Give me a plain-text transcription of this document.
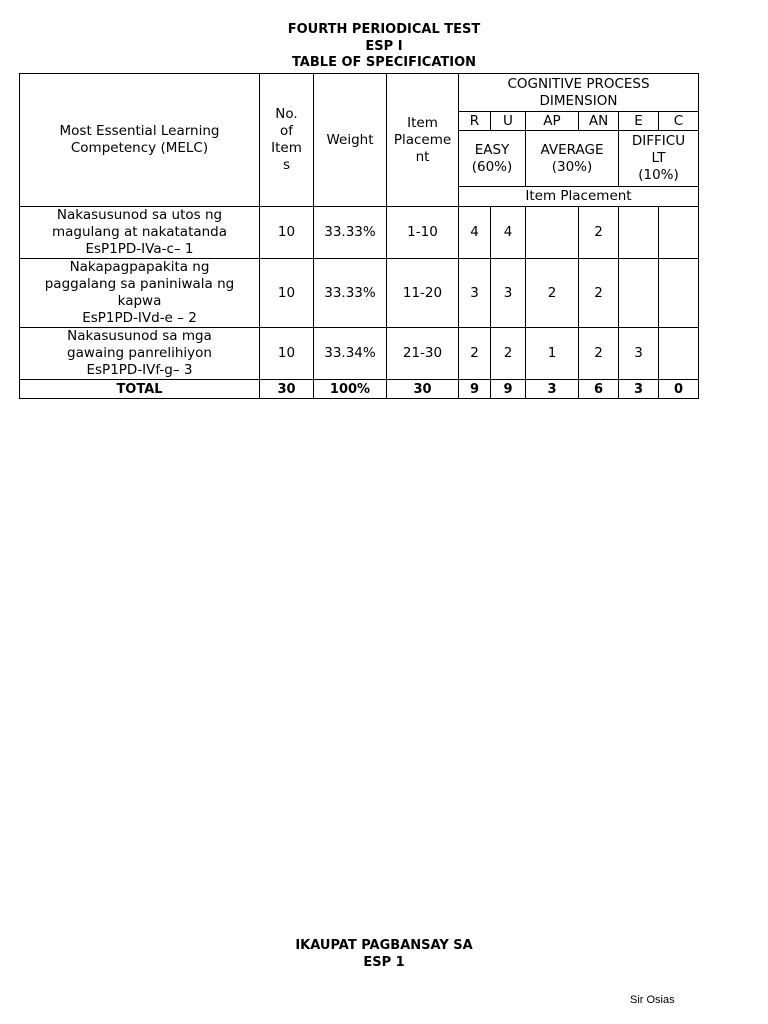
FOURTH PERIODICAL TEST
ESP I
TABLE OF SPECIFICATION
Most Essential Learning Competency (MELC)	No.
of
Item
s	Weight	Item
Placeme
nt	COGNITIVE PROCESS
DIMENSION					

				R	U	AP	AN	E	C

				EASY
(60%)		AVERAGE
(30%)		DIFFICU
LT
(10%)	

				Item Placement					

Nakasusunod sa utos ng
magulang at nakatatanda
EsP1PD-IVa-c– 1	10	33.33%	1-10	4	4		2		

Nakapagpapakita ng
paggalang sa paniniwala ng
kapwa
EsP1PD-IVd-e – 2	10	33.33%	11-20	3	3	2	2		

Nakasusunod sa mga
gawaing panrelihiyon
EsP1PD-IVf-g– 3	10	33.34%	21-30	2	2	1	2	3	
TOTAL	30	100%	30	9	9	3	6	3	0
IKAUPAT PAGBANSAY SA
ESP 1
Sir Osias
